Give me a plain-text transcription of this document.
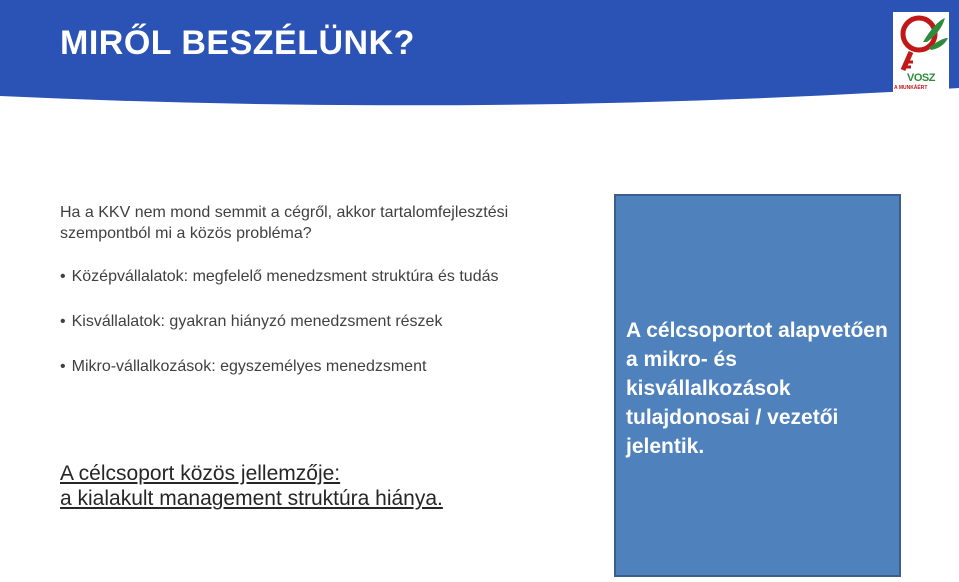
MIRŐL BESZÉLÜNK?
VOSZ
A MUNKÁÉRT

Ha a KKV nem mond semmit a cégről, akkor tartalomfejlesztési szempontból mi a közös probléma?

• Középvállalatok: megfelelő menedzsment struktúra és tudás
• Kisvállalatok: gyakran hiányzó menedzsment részek
• Mikro-vállalkozások: egyszemélyes menedzsment

A célcsoport közös jellemzője:
a kialakult management struktúra hiánya.

A célcsoportot alapvetően a mikro- és kisvállalkozások tulajdonosai / vezetői jelentik.
